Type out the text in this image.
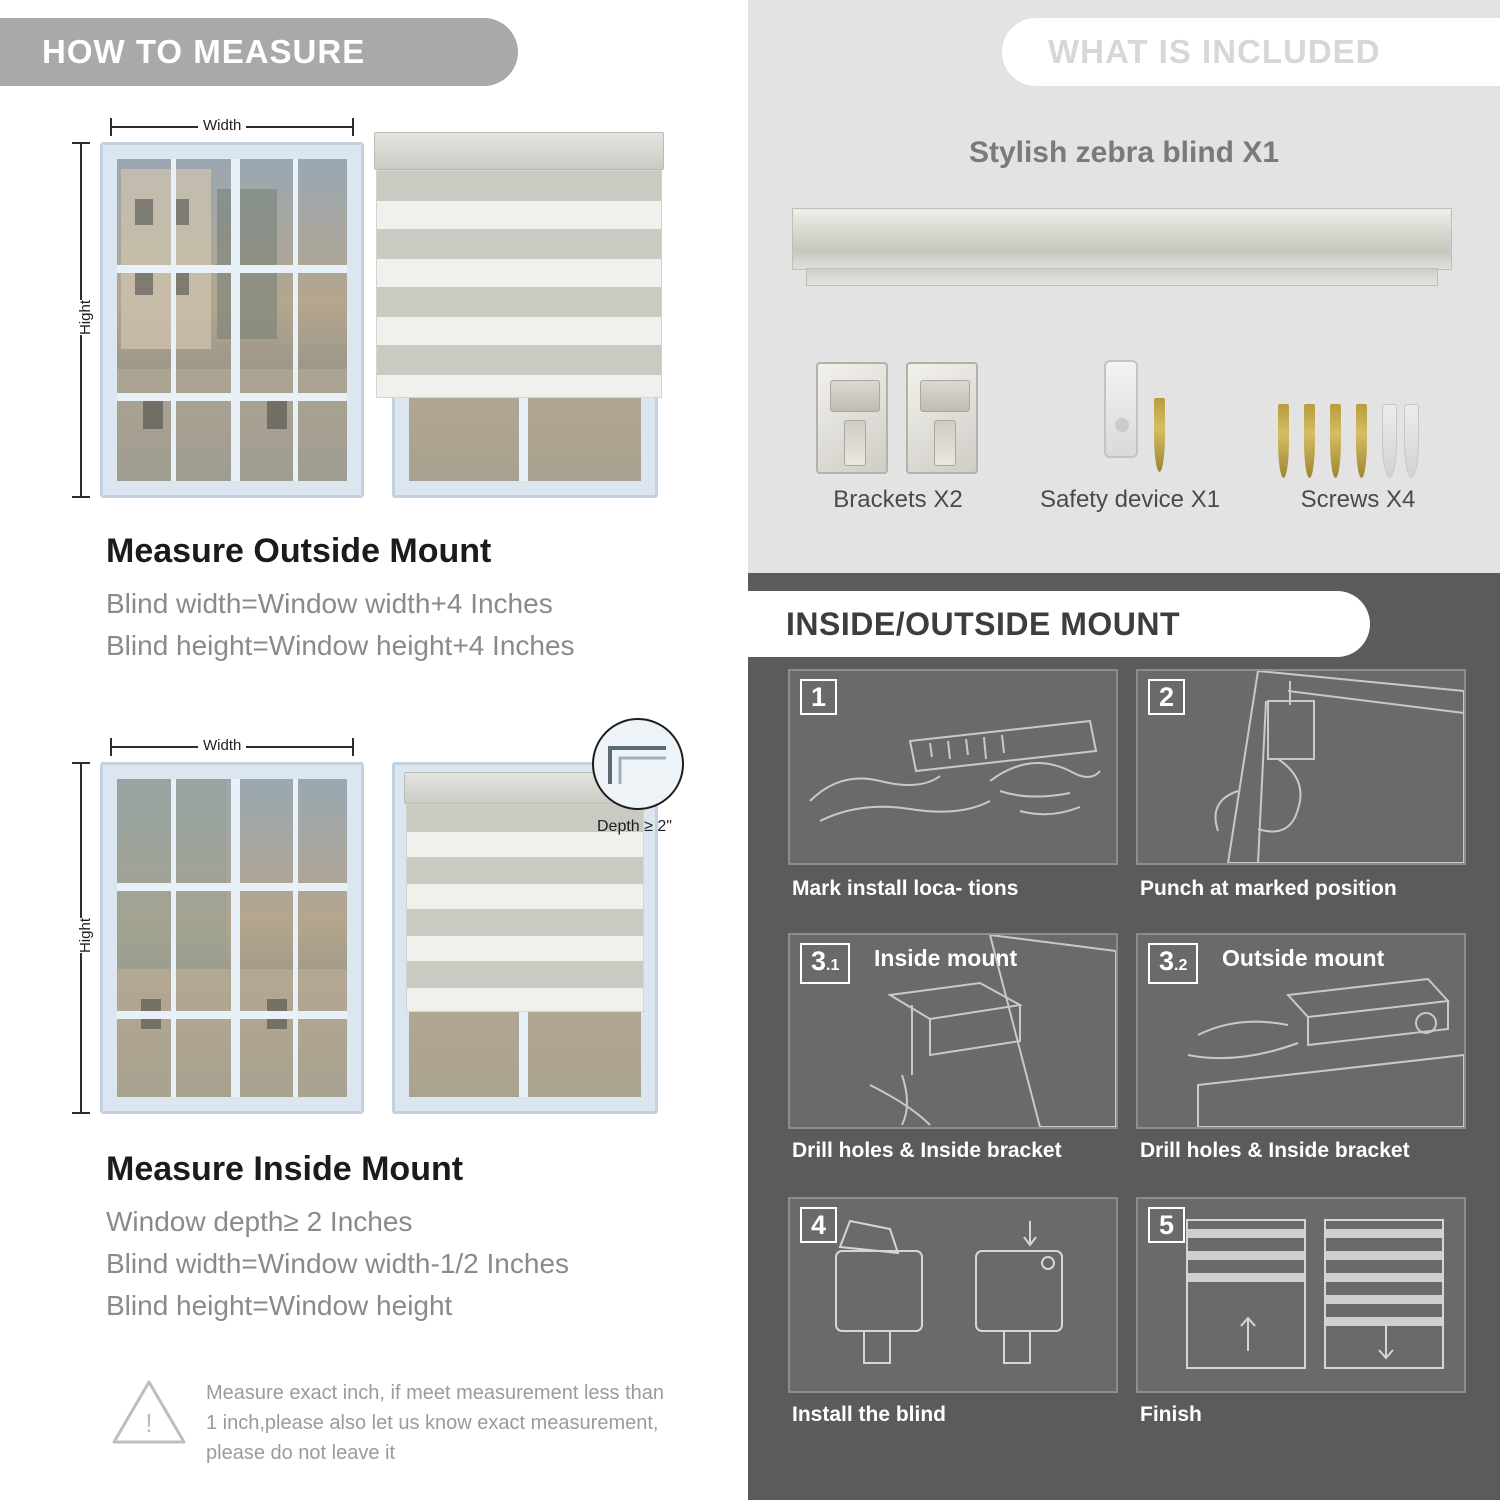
HOW TO MEASURE
Width
Hight
Measure Outside Mount
Blind width=Window width+4 Inches
Blind height=Window height+4 Inches
Width
Hight
Depth ≥ 2"
Measure Inside Mount
Window depth≥ 2 Inches
Blind width=Window width-1/2 Inches
Blind height=Window height
!
Measure exact inch, if meet measurement less than 1 inch,please also let us know exact measurement, please do not leave it
WHAT IS INCLUDED
Stylish zebra blind X1
Brackets X2	Safety device X1	Screws X4
INSIDE/OUTSIDE MOUNT
1
Mark install loca- tions
2
Punch at marked position
3.1	Inside mount
Drill holes & Inside bracket
3.2	Outside mount
Drill holes & Inside bracket
4
Install the blind
5
Finish
